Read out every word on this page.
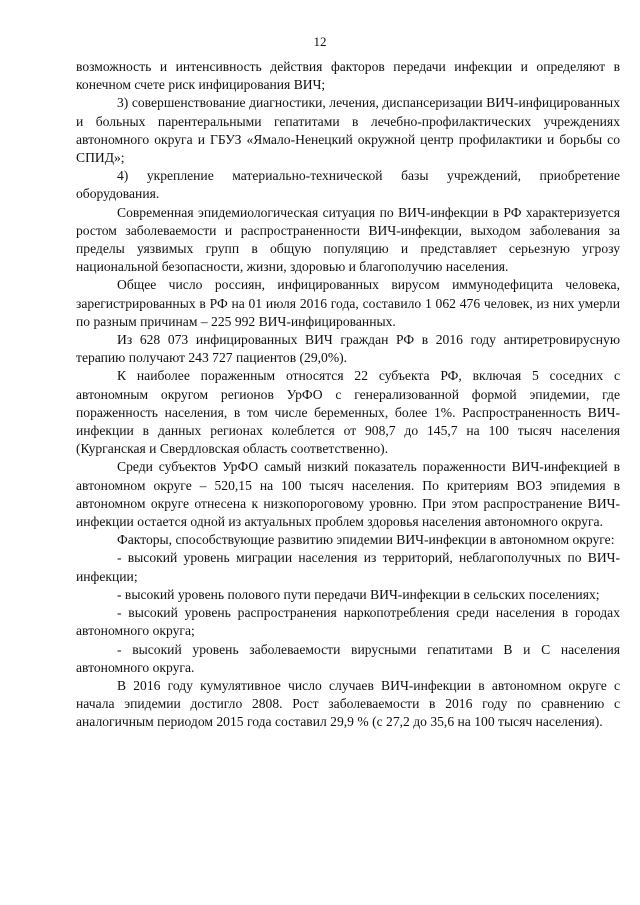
12

возможность и интенсивность действия факторов передачи инфекции и определяют в конечном счете риск инфицирования ВИЧ;

3) совершенствование диагностики, лечения, диспансеризации ВИЧ-инфицированных и больных парентеральными гепатитами в лечебно-профилактических учреждениях автономного округа и ГБУЗ «Ямало-Ненецкий окружной центр профилактики и борьбы со СПИД»;

4) укрепление материально-технической базы учреждений, приобретение оборудования.

Современная эпидемиологическая ситуация по ВИЧ-инфекции в РФ характеризуется ростом заболеваемости и распространенности ВИЧ-инфекции, выходом заболевания за пределы уязвимых групп в общую популяцию и представляет серьезную угрозу национальной безопасности, жизни, здоровью и благополучию населения.

Общее число россиян, инфицированных вирусом иммунодефицита человека, зарегистрированных в РФ на 01 июля 2016 года, составило 1 062 476 человек, из них умерли по разным причинам – 225 992 ВИЧ-инфицированных.

Из 628 073 инфицированных ВИЧ граждан РФ в 2016 году антиретровирусную терапию получают 243 727 пациентов (29,0%).

К наиболее пораженным относятся 22 субъекта РФ, включая 5 соседних с автономным округом регионов УрФО с генерализованной формой эпидемии, где пораженность населения, в том числе беременных, более 1%. Распространенность ВИЧ-инфекции в данных регионах колеблется от 908,7 до 145,7 на 100 тысяч населения (Курганская и Свердловская область соответственно).

Среди субъектов УрФО самый низкий показатель пораженности ВИЧ-инфекцией в автономном округе – 520,15 на 100 тысяч населения. По критериям ВОЗ эпидемия в автономном округе отнесена к низкопороговому уровню. При этом распространение ВИЧ-инфекции остается одной из актуальных проблем здоровья населения автономного округа.

Факторы, способствующие развитию эпидемии ВИЧ-инфекции в автономном округе:

- высокий уровень миграции населения из территорий, неблагополучных по ВИЧ-инфекции;

- высокий уровень полового пути передачи ВИЧ-инфекции в сельских поселениях;

- высокий уровень распространения наркопотребления среди населения в городах автономного округа;

- высокий уровень заболеваемости вирусными гепатитами В и С населения автономного округа.

В 2016 году кумулятивное число случаев ВИЧ-инфекции в автономном округе с начала эпидемии достигло 2808. Рост заболеваемости в 2016 году по сравнению с аналогичным периодом 2015 года составил 29,9 % (с 27,2 до 35,6 на 100 тысяч населения).
